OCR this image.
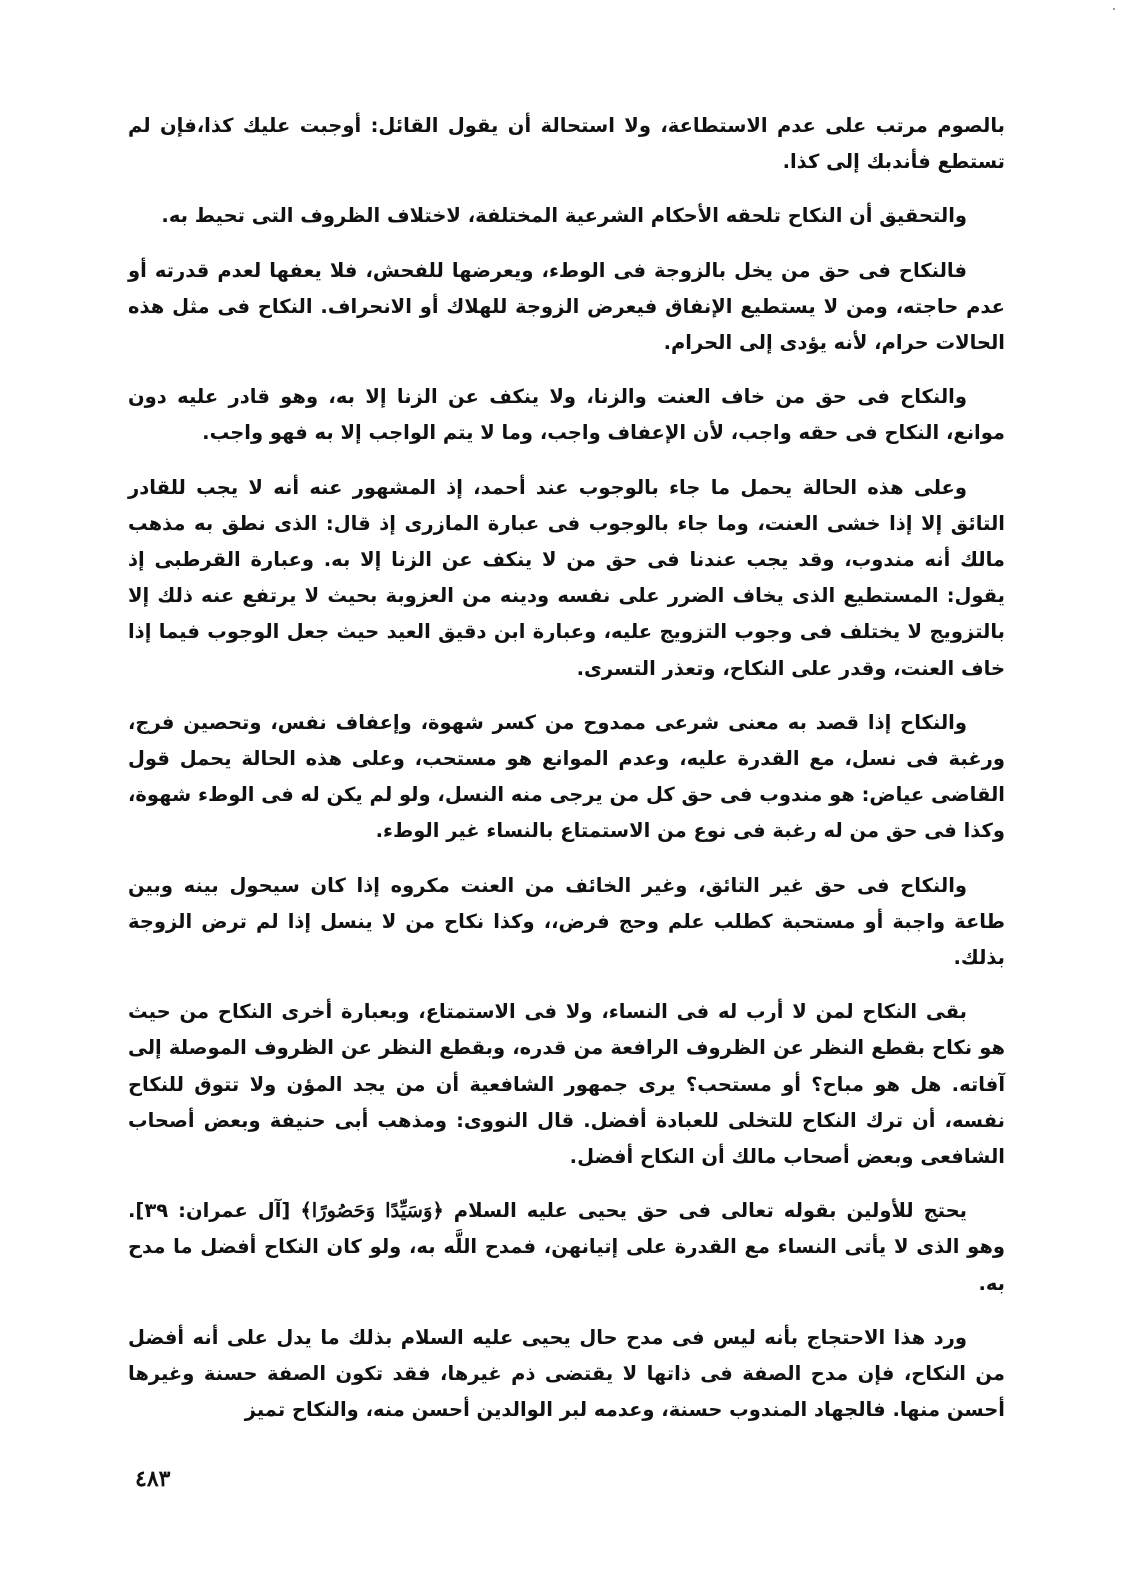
بالصوم مرتب على عدم الاستطاعة، ولا استحالة أن يقول القائل: أوجبت عليك كذا،فإن لم تستطع فأندبك إلى كذا.

والتحقيق أن النكاح تلحقه الأحكام الشرعية المختلفة، لاختلاف الظروف التى تحيط به.

فالنكاح فى حق من يخل بالزوجة فى الوطء، ويعرضها للفحش، فلا يعفها لعدم قدرته أو عدم حاجته، ومن لا يستطيع الإنفاق فيعرض الزوجة للهلاك أو الانحراف. النكاح فى مثل هذه الحالات حرام، لأنه يؤدى إلى الحرام.

والنكاح فى حق من خاف العنت والزنا، ولا ينكف عن الزنا إلا به، وهو قادر عليه دون موانع، النكاح فى حقه واجب، لأن الإعفاف واجب، وما لا يتم الواجب إلا به فهو واجب.

وعلى هذه الحالة يحمل ما جاء بالوجوب عند أحمد، إذ المشهور عنه أنه لا يجب للقادر التائق إلا إذا خشى العنت، وما جاء بالوجوب فى عبارة المازرى إذ قال: الذى نطق به مذهب مالك أنه مندوب، وقد يجب عندنا فى حق من لا ينكف عن الزنا إلا به. وعبارة القرطبى إذ يقول: المستطيع الذى يخاف الضرر على نفسه ودينه من العزوبة بحيث لا يرتفع عنه ذلك إلا بالتزويج لا يختلف فى وجوب التزويج عليه، وعبارة ابن دقيق العيد حيث جعل الوجوب فيما إذا خاف العنت، وقدر على النكاح، وتعذر التسرى.

والنكاح إذا قصد به معنى شرعى ممدوح من كسر شهوة، وإعفاف نفس، وتحصين فرج، ورغبة فى نسل، مع القدرة عليه، وعدم الموانع هو مستحب، وعلى هذه الحالة يحمل قول القاضى عياض: هو مندوب فى حق كل من يرجى منه النسل، ولو لم يكن له فى الوطء شهوة، وكذا فى حق من له رغبة فى نوع من الاستمتاع بالنساء غير الوطء.

والنكاح فى حق غير التائق، وغير الخائف من العنت مكروه إذا كان سيحول بينه وبين طاعة واجبة أو مستحبة كطلب علم وحج فرض،، وكذا نكاح من لا ينسل إذا لم ترض الزوجة بذلك.

بقى النكاح لمن لا أرب له فى النساء، ولا فى الاستمتاع، وبعبارة أخرى النكاح من حيث هو نكاح بقطع النظر عن الظروف الرافعة من قدره، وبقطع النظر عن الظروف الموصلة إلى آفاته. هل هو مباح؟ أو مستحب؟ يرى جمهور الشافعية أن من يجد المؤن ولا تتوق للنكاح نفسه، أن ترك النكاح للتخلى للعبادة أفضل. قال النووى: ومذهب أبى حنيفة وبعض أصحاب الشافعى وبعض أصحاب مالك أن النكاح أفضل.

يحتج للأولين بقوله تعالى فى حق يحيى عليه السلام ﴿وَسَيِّدًا وَحَصُورًا﴾ [آل عمران: ٣٩]. وهو الذى لا يأتى النساء مع القدرة على إتيانهن، فمدح اللَّه به، ولو كان النكاح أفضل ما مدح به.

ورد هذا الاحتجاج بأنه ليس فى مدح حال يحيى عليه السلام بذلك ما يدل على أنه أفضل من النكاح، فإن مدح الصفة فى ذاتها لا يقتضى ذم غيرها، فقد تكون الصفة حسنة وغيرها أحسن منها. فالجهاد المندوب حسنة، وعدمه لبر الوالدين أحسن منه، والنكاح تميز

٤٨٣
